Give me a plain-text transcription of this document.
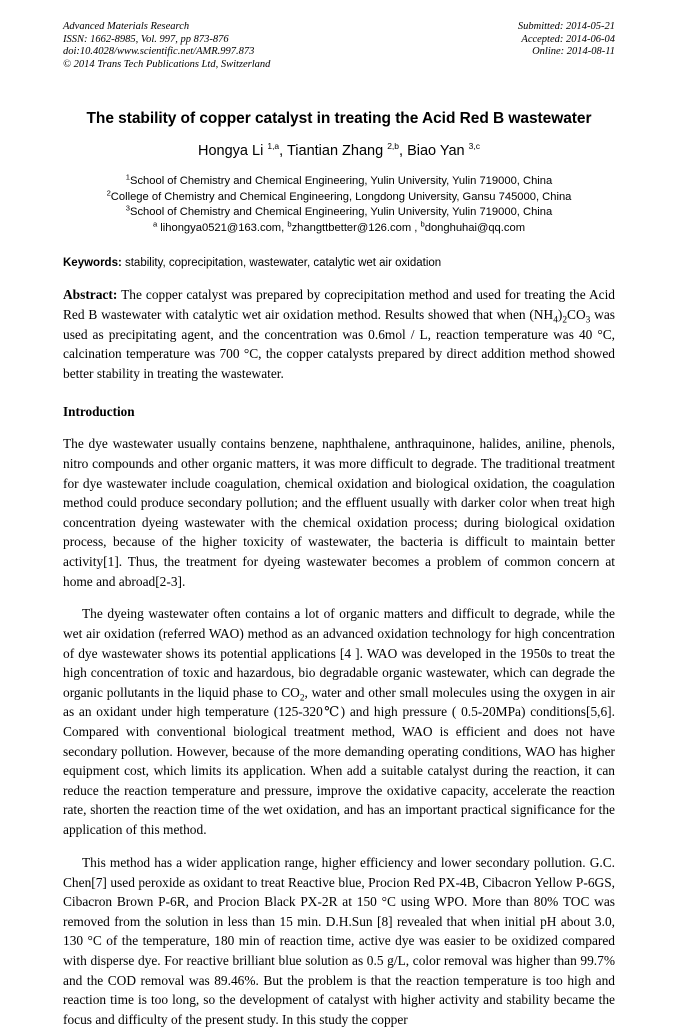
Advanced Materials Research
ISSN: 1662-8985, Vol. 997, pp 873-876
doi:10.4028/www.scientific.net/AMR.997.873
© 2014 Trans Tech Publications Ltd, Switzerland
Submitted: 2014-05-21
Accepted: 2014-06-04
Online: 2014-08-11
The stability of copper catalyst in treating the Acid Red B wastewater
Hongya Li $^{1,a}$, Tiantian Zhang $^{2,b}$, Biao Yan $^{3,c}$
$^1$School of Chemistry and Chemical Engineering, Yulin University, Yulin 719000, China
$^2$College of Chemistry and Chemical Engineering, Longdong University, Gansu 745000, China
$^3$School of Chemistry and Chemical Engineering, Yulin University, Yulin 719000, China
$^a$ lihongya0521@163.com, $^b$zhangttbetter@126.com , $^b$donghuhai@qq.com
Keywords: stability, coprecipitation, wastewater, catalytic wet air oxidation
Abstract: The copper catalyst was prepared by coprecipitation method and used for treating the Acid Red B wastewater with catalytic wet air oxidation method. Results showed that when $(NH_4)_2CO_3$ was used as precipitating agent, and the concentration was 0.6mol / L, reaction temperature was 40 °C, calcination temperature was 700 °C, the copper catalysts prepared by direct addition method showed better stability in treating the wastewater.
Introduction

The dye wastewater usually contains benzene, naphthalene, anthraquinone, halides, aniline, phenols, nitro compounds and other organic matters, it was more difficult to degrade. The traditional treatment for dye wastewater include coagulation, chemical oxidation and biological oxidation, the coagulation method could produce secondary pollution; and the effluent usually with darker color when treat high concentration dyeing wastewater with the chemical oxidation process; during biological oxidation process, because of the higher toxicity of wastewater, the bacteria is difficult to maintain better activity[1]. Thus, the treatment for dyeing wastewater becomes a problem of common concern at home and abroad[2-3].

The dyeing wastewater often contains a lot of organic matters and difficult to degrade, while the wet air oxidation (referred WAO) method as an advanced oxidation technology for high concentration of dye wastewater shows its potential applications [4 ]. WAO was developed in the 1950s to treat the high concentration of toxic and hazardous, bio degradable organic wastewater, which can degrade the organic pollutants in the liquid phase to $CO_2$, water and other small molecules using the oxygen in air as an oxidant under high temperature (125-320℃) and high pressure ( 0.5-20MPa) conditions[5,6]. Compared with conventional biological treatment method, WAO is efficient and does not have secondary pollution. However, because of the more demanding operating conditions, WAO has higher equipment cost, which limits its application. When add a suitable catalyst during the reaction, it can reduce the reaction temperature and pressure, improve the oxidative capacity, accelerate the reaction rate, shorten the reaction time of the wet oxidation, and has an important practical significance for the application of this method.

This method has a wider application range, higher efficiency and lower secondary pollution. G.C. Chen[7] used peroxide as oxidant to treat Reactive blue, Procion Red PX-4B, Cibacron Yellow P-6GS, Cibacron Brown P-6R, and Procion Black PX-2R at 150 °C using WPO. More than 80% TOC was removed from the solution in less than 15 min. D.H.Sun [8] revealed that when initial pH about 3.0, 130 °C of the temperature, 180 min of reaction time, active dye was easier to be oxidized compared with disperse dye. For reactive brilliant blue solution as 0.5 g/L, color removal was higher than 99.7% and the COD removal was 89.46%. But the problem is that the reaction temperature is too high and reaction time is too long, so the development of catalyst with higher activity and stability became the focus and difficulty of the present study. In this study the copper
